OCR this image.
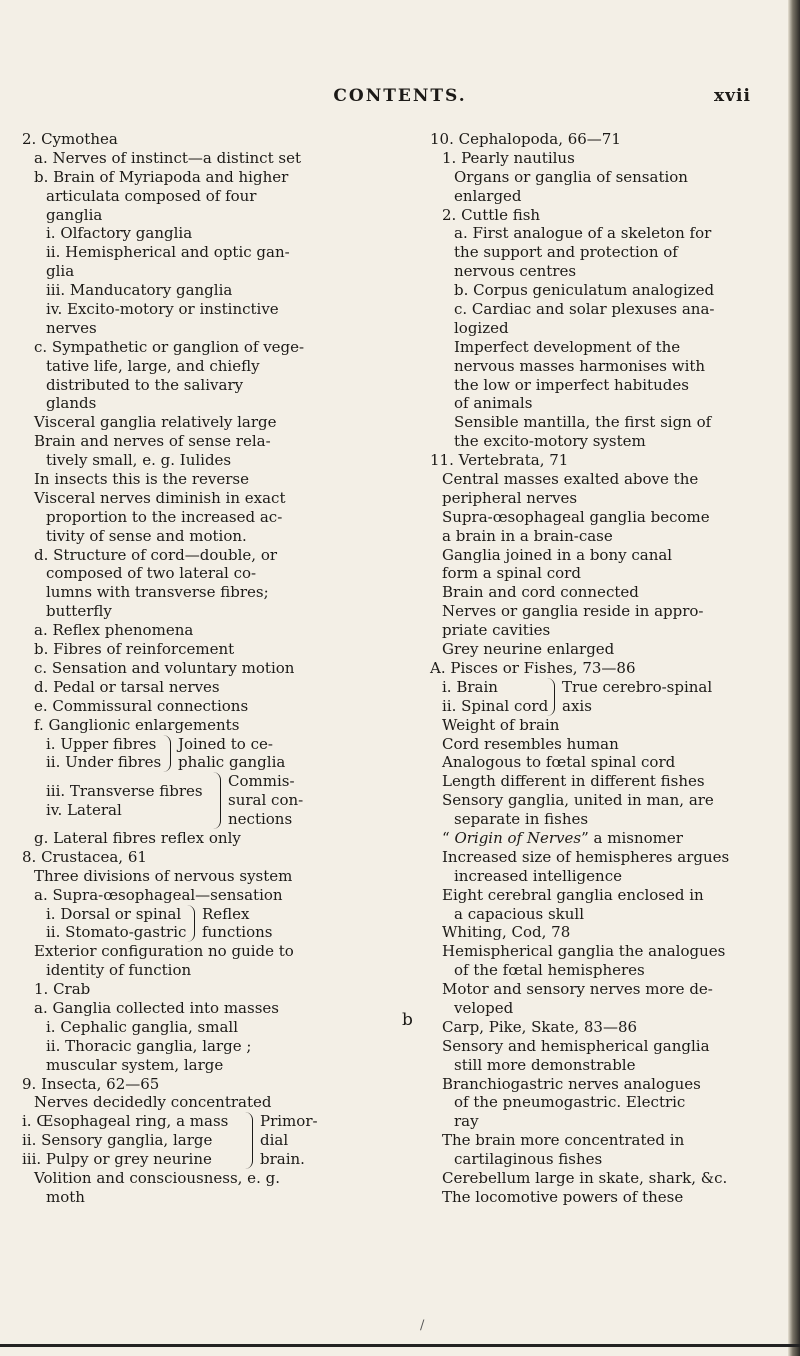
CONTENTS.	xvii
2. Cymothea
a. Nerves of instinct—a distinct set
b. Brain of Myriapoda and higher
articulata composed of four
ganglia
i. Olfactory ganglia
ii. Hemispherical and optic gan-
glia
iii. Manducatory ganglia
iv. Excito-motory or instinctive
nerves
c. Sympathetic or ganglion of vege-
tative life, large, and chiefly
distributed to the salivary
glands
Visceral ganglia relatively large
Brain and nerves of sense rela-
tively small, e. g. Iulides
In insects this is the reverse
Visceral nerves diminish in exact
proportion to the increased ac-
tivity of sense and motion.
d. Structure of cord—double, or
composed of two lateral co-
lumns with transverse fibres;
butterfly
a. Reflex phenomena
b. Fibres of reinforcement
c. Sensation and voluntary motion
d. Pedal or tarsal nerves
e. Commissural connections
f. Ganglionic enlargements
i. Upper fibres
ii. Under fibres
Joined to ce-
phalic ganglia
iii. Transverse fibres
iv. Lateral
Commis-
sural con-
nections
g. Lateral fibres reflex only
8. Crustacea, 61
Three divisions of nervous system
a. Supra-œsophageal—sensation
i. Dorsal or spinal
ii. Stomato-gastric
Reflex
functions
Exterior configuration no guide to
identity of function
1. Crab
a. Ganglia collected into masses
i. Cephalic ganglia, small
ii. Thoracic ganglia, large ;
muscular system, large
9. Insecta, 62—65
Nerves decidedly concentrated
i. Œsophageal ring, a mass
ii. Sensory ganglia, large
iii. Pulpy or grey neurine
Primor-
dial
brain.
Volition and consciousness, e. g.
moth
10. Cephalopoda, 66—71
1. Pearly nautilus
Organs or ganglia of sensation
enlarged
2. Cuttle fish
a. First analogue of a skeleton for
the support and protection of
nervous centres
b. Corpus geniculatum analogized
c. Cardiac and solar plexuses ana-
logized
Imperfect development of the
nervous masses harmonises with
the low or imperfect habitudes
of animals
Sensible mantilla, the first sign of
the excito-motory system
11. Vertebrata, 71
Central masses exalted above the
peripheral nerves
Supra-œsophageal ganglia become
a brain in a brain-case
Ganglia joined in a bony canal
form a spinal cord
Brain and cord connected
Nerves or ganglia reside in appro-
priate cavities
Grey neurine enlarged
A. Pisces or Fishes, 73—86
i. Brain
ii. Spinal cord
True cerebro-spinal
axis
Weight of brain
Cord resembles human
Analogous to fœtal spinal cord
Length different in different fishes
Sensory ganglia, united in man, are
separate in fishes
“ Origin of Nerves” a misnomer
Increased size of hemispheres argues
increased intelligence
Eight cerebral ganglia enclosed in
a capacious skull
Whiting, Cod, 78
Hemispherical ganglia the analogues
of the fœtal hemispheres
Motor and sensory nerves more de-
veloped
Carp, Pike, Skate, 83—86
Sensory and hemispherical ganglia
still more demonstrable
Branchiogastric nerves analogues
of the pneumogastric. Electric
ray
The brain more concentrated in
cartilaginous fishes
Cerebellum large in skate, shark, &c.
The locomotive powers of these
b
/
